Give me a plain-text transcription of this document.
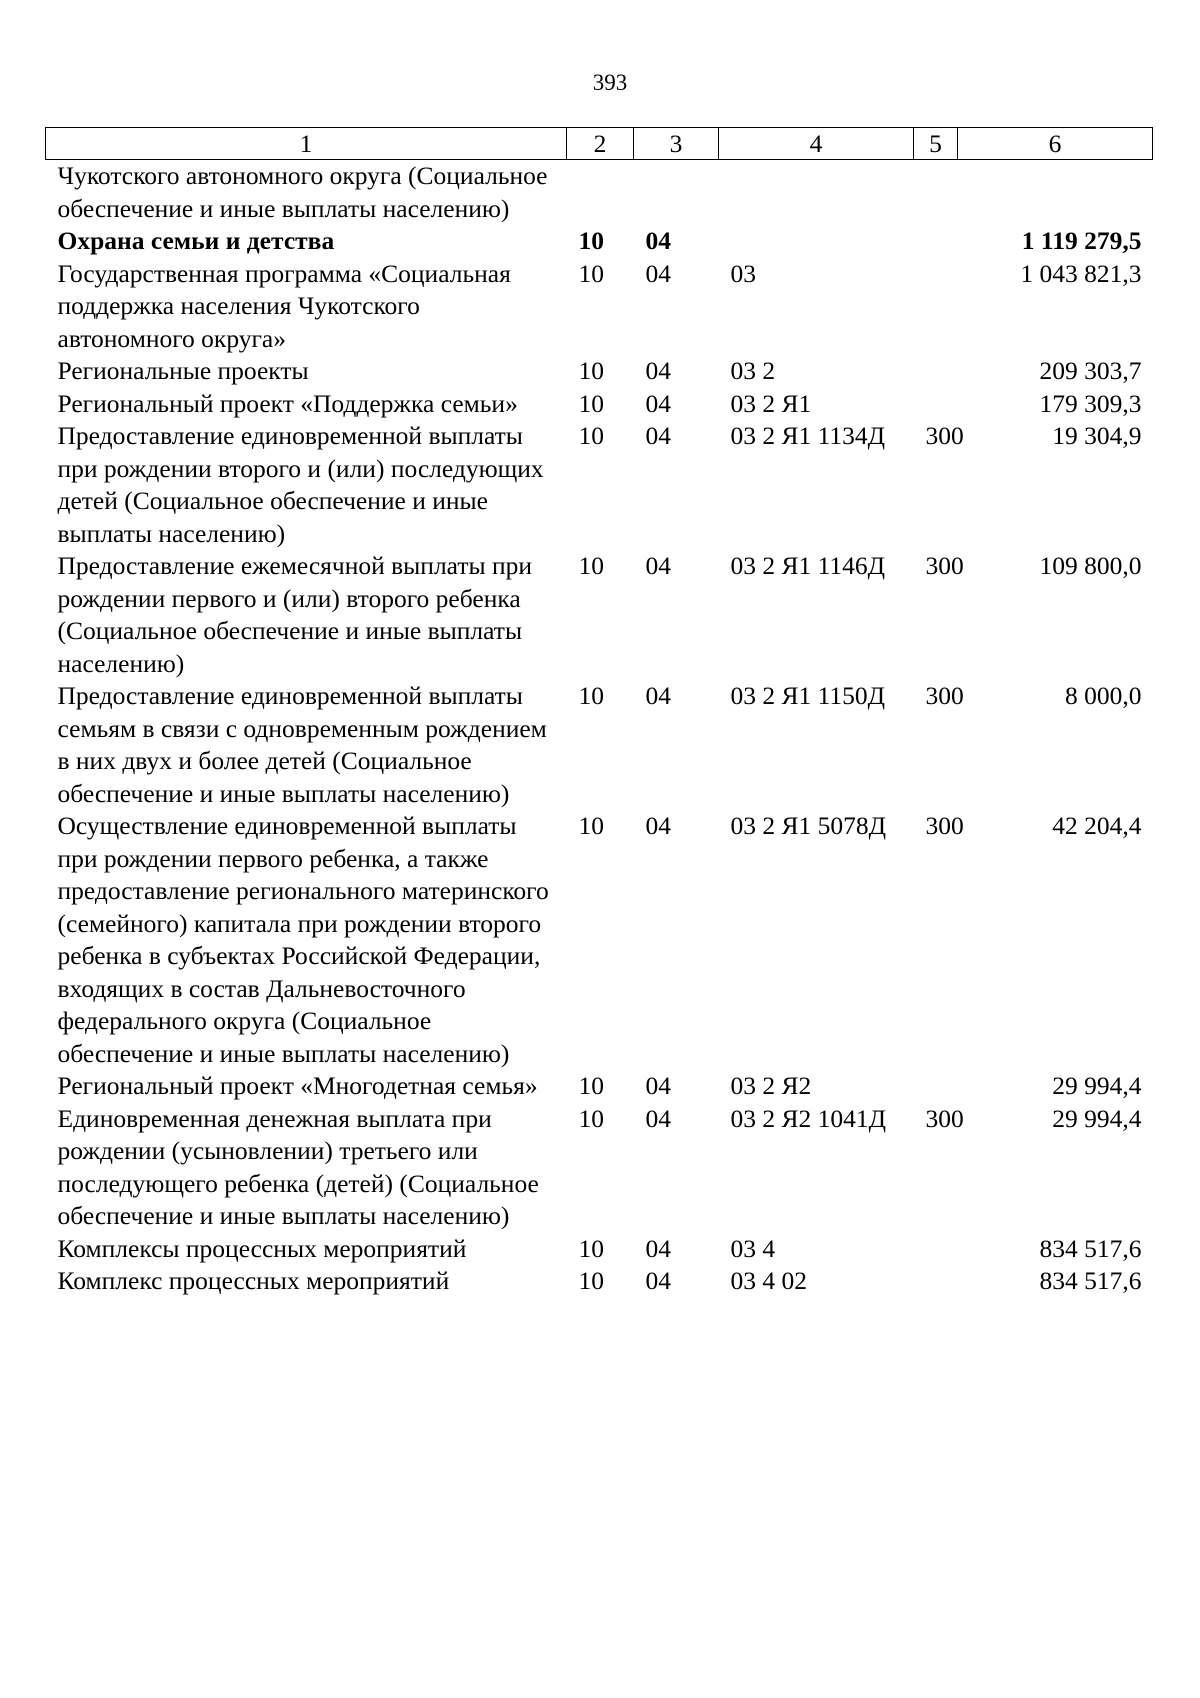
393
1	2	3	4	5	6
Чукотского автономного округа (Социальное обеспечение и иные выплаты населению)					
Охрана семьи и детства	10	04			1 119 279,5
Государственная программа «Социальная поддержка населения Чукотского автономного округа»	10	04	03		1 043 821,3
Региональные проекты	10	04	03 2		209 303,7
Региональный проект «Поддержка семьи»	10	04	03 2 Я1		179 309,3
Предоставление единовременной выплаты при рождении второго и (или) последующих детей (Социальное обеспечение и иные выплаты населению)	10	04	03 2 Я1 1134Д	300	19 304,9
Предоставление ежемесячной выплаты при рождении первого и (или) второго ребенка (Социальное обеспечение и иные выплаты населению)	10	04	03 2 Я1 1146Д	300	109 800,0
Предоставление единовременной выплаты семьям в связи с одновременным рождением в них двух и более детей (Социальное обеспечение и иные выплаты населению)	10	04	03 2 Я1 1150Д	300	8 000,0
Осуществление единовременной выплаты при рождении первого ребенка, а также предоставление регионального материнского (семейного) капитала при рождении второго ребенка в субъектах Российской Федерации, входящих в состав Дальневосточного федерального округа (Социальное обеспечение и иные выплаты населению)	10	04	03 2 Я1 5078Д	300	42 204,4
Региональный проект «Многодетная семья»	10	04	03 2 Я2		29 994,4
Единовременная денежная выплата при рождении (усыновлении) третьего или последующего ребенка (детей) (Социальное обеспечение и иные выплаты населению)	10	04	03 2 Я2 1041Д	300	29 994,4
Комплексы процессных мероприятий	10	04	03 4		834 517,6
Комплекс процессных мероприятий	10	04	03 4 02		834 517,6
